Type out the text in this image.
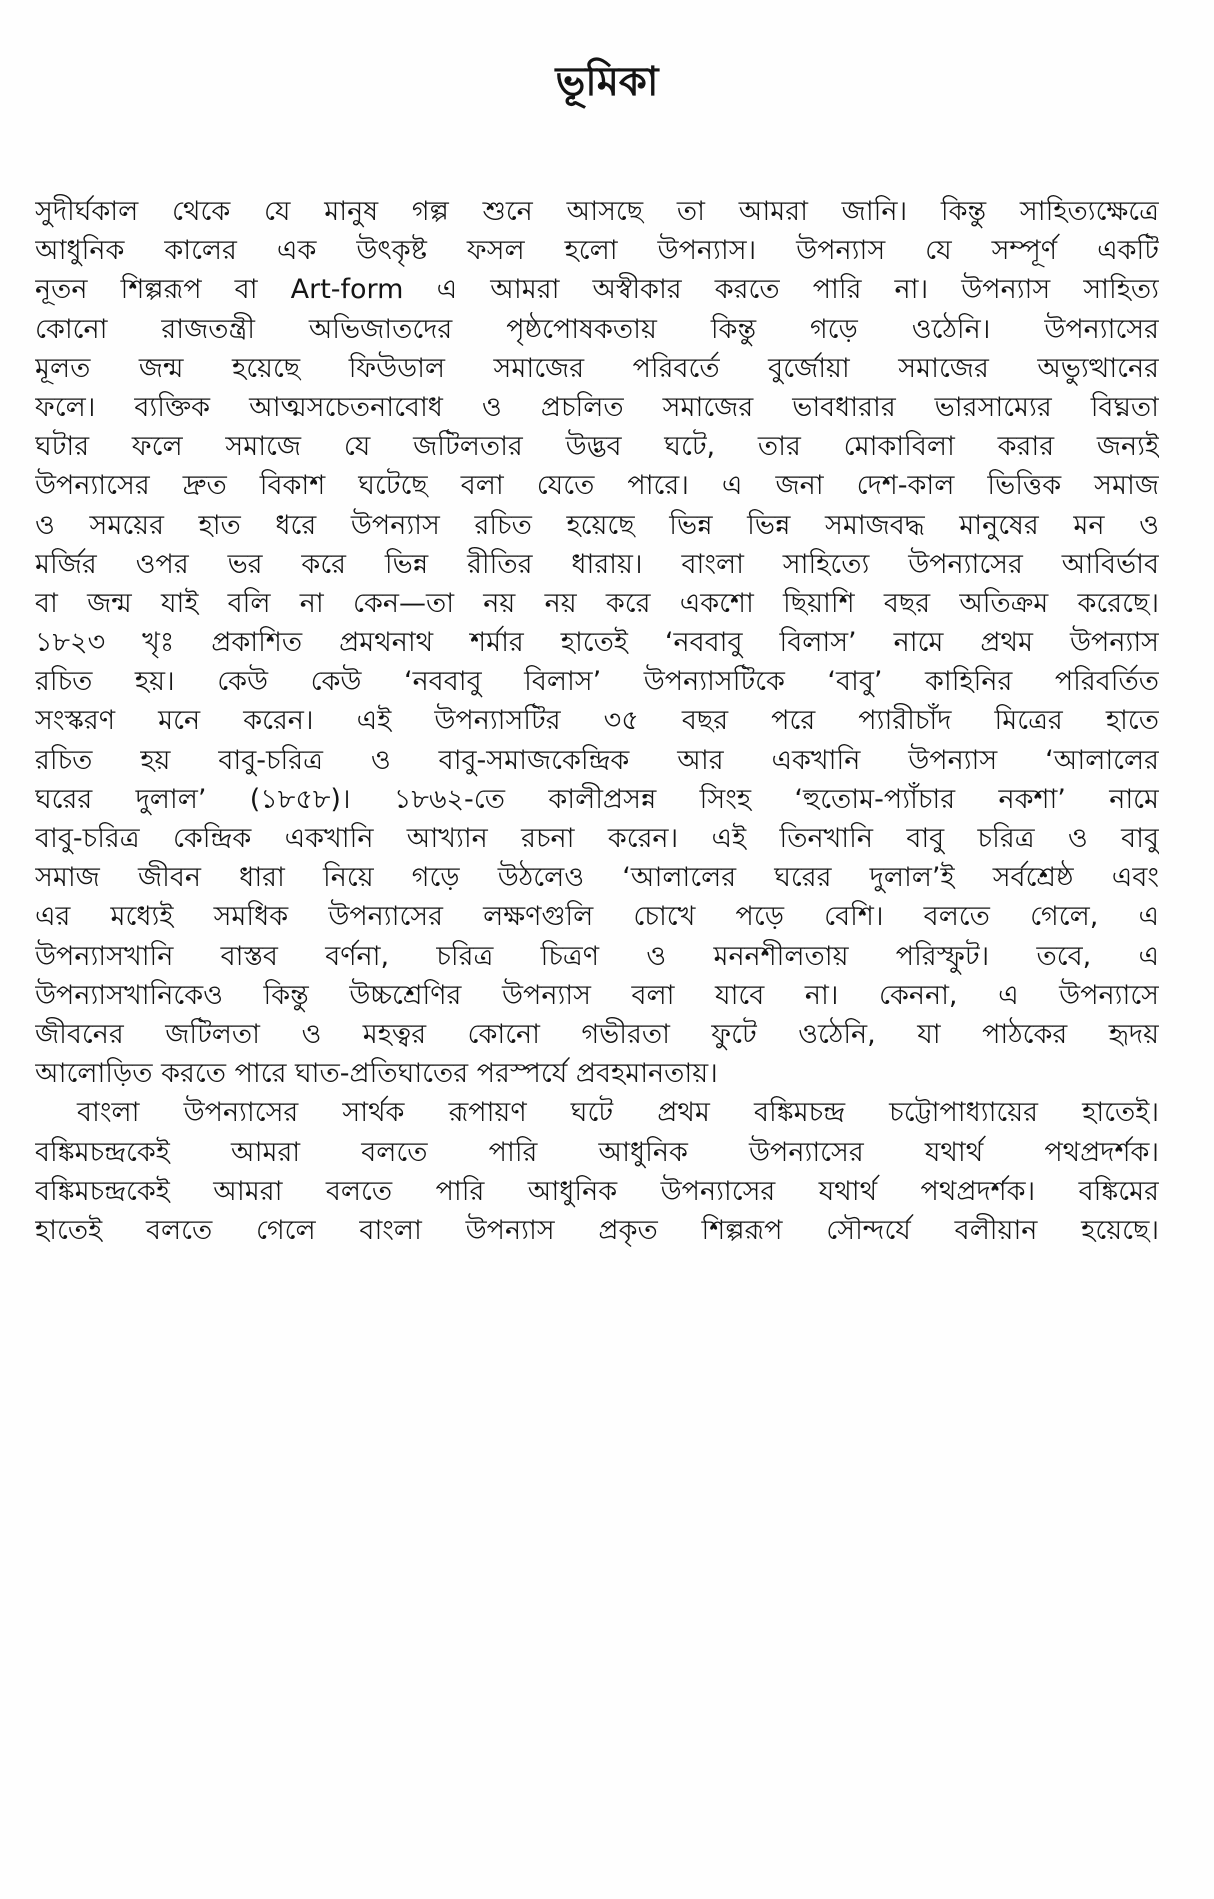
ভূমিকা
সুদীর্ঘকাল থেকে যে মানুষ গল্প শুনে আসছে তা আমরা জানি। কিন্তু সাহিত্যক্ষেত্রে
আধুনিক কালের এক উৎকৃষ্ট ফসল হলো উপন্যাস। উপন্যাস যে সম্পূর্ণ একটি
নূতন শিল্পরূপ বা Art-form এ আমরা অস্বীকার করতে পারি না। উপন্যাস সাহিত্য
কোনো রাজতন্ত্রী অভিজাতদের পৃষ্ঠপোষকতায় কিন্তু গড়ে ওঠেনি। উপন্যাসের
মূলত জন্ম হয়েছে ফিউডাল সমাজের পরিবর্তে বুর্জোয়া সমাজের অভ্যুত্থানের
ফলে। ব্যক্তিক আত্মসচেতনাবোধ ও প্রচলিত সমাজের ভাবধারার ভারসাম্যের বিঘ্নতা
ঘটার ফলে সমাজে যে জটিলতার উদ্ভব ঘটে, তার মোকাবিলা করার জন্যই
উপন্যাসের দ্রুত বিকাশ ঘটেছে বলা যেতে পারে। এ জনা দেশ-কাল ভিত্তিক সমাজ
ও সময়ের হাত ধরে উপন্যাস রচিত হয়েছে ভিন্ন ভিন্ন সমাজবদ্ধ মানুষের মন ও
মর্জির ওপর ভর করে ভিন্ন রীতির ধারায়। বাংলা সাহিত্যে উপন্যাসের আবির্ভাব
বা জন্ম যাই বলি না কেন—তা নয় নয় করে একশো ছিয়াশি বছর অতিক্রম করেছে।
১৮২৩ খৃঃ প্রকাশিত প্রমথনাথ শর্মার হাতেই ‘নববাবু বিলাস’ নামে প্রথম উপন্যাস
রচিত হয়। কেউ কেউ ‘নববাবু বিলাস’ উপন্যাসটিকে ‘বাবু’ কাহিনির পরিবর্তিত
সংস্করণ মনে করেন। এই উপন্যাসটির ৩৫ বছর পরে প্যারীচাঁদ মিত্রের হাতে
রচিত হয় বাবু-চরিত্র ও বাবু-সমাজকেন্দ্রিক আর একখানি উপন্যাস ‘আলালের
ঘরের দুলাল’ (১৮৫৮)। ১৮৬২-তে কালীপ্রসন্ন সিংহ ‘হুতোম-প্যাঁচার নকশা’ নামে
বাবু-চরিত্র কেন্দ্রিক একখানি আখ্যান রচনা করেন। এই তিনখানি বাবু চরিত্র ও বাবু
সমাজ জীবন ধারা নিয়ে গড়ে উঠলেও ‘আলালের ঘরের দুলাল’ই সর্বশ্রেষ্ঠ এবং
এর মধ্যেই সমধিক উপন্যাসের লক্ষণগুলি চোখে পড়ে বেশি। বলতে গেলে, এ
উপন্যাসখানি বাস্তব বর্ণনা, চরিত্র চিত্রণ ও মননশীলতায় পরিস্ফুট। তবে, এ
উপন্যাসখানিকেও কিন্তু উচ্চশ্রেণির উপন্যাস বলা যাবে না। কেননা, এ উপন্যাসে
জীবনের জটিলতা ও মহত্বর কোনো গভীরতা ফুটে ওঠেনি, যা পাঠকের হৃদয়
আলোড়িত করতে পারে ঘাত-প্রতিঘাতের পরস্পর্যে প্রবহমানতায়।
বাংলা উপন্যাসের সার্থক রূপায়ণ ঘটে প্রথম বঙ্কিমচন্দ্র চট্টোপাধ্যায়ের হাতেই।
বঙ্কিমচন্দ্রকেই আমরা বলতে পারি আধুনিক উপন্যাসের যথার্থ পথপ্রদর্শক।
বঙ্কিমচন্দ্রকেই আমরা বলতে পারি আধুনিক উপন্যাসের যথার্থ পথপ্রদর্শক। বঙ্কিমের
হাতেই বলতে গেলে বাংলা উপন্যাস প্রকৃত শিল্পরূপ সৌন্দর্যে বলীয়ান হয়েছে।
